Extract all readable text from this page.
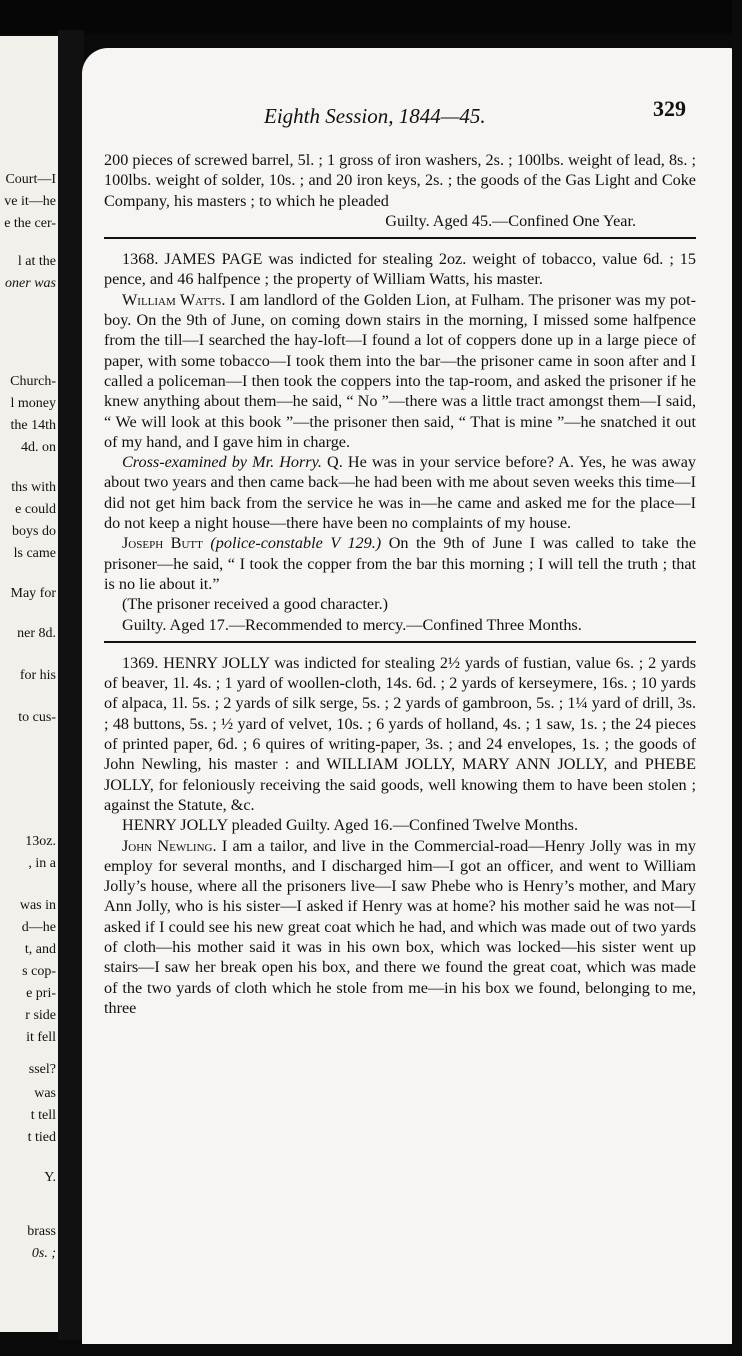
Court—I
ve it—he
e the cer-
l at the
oner was
Church-
l money
the 14th
4d. on
ths with
e could
boys do
ls came
May for
ner 8d.
for his
to cus-
13oz.
, in a
was in
d—he
t, and
s cop-
e pri-
r side
it fell
ssel?
was
t tell
t tied
Y.
brass
0s. ;
Eighth Session, 1844—45.	329

200 pieces of screwed barrel, 5l. ; 1 gross of iron washers, 2s. ; 100lbs. weight of lead, 8s. ; 100lbs. weight of solder, 10s. ; and 20 iron keys, 2s. ; the goods of the Gas Light and Coke Company, his masters ; to which he pleaded

Guilty. Aged 45.—Confined One Year.

1368. JAMES PAGE was indicted for stealing 2oz. weight of tobacco, value 6d. ; 15 pence, and 46 halfpence ; the property of William Watts, his master.

William Watts. I am landlord of the Golden Lion, at Fulham. The prisoner was my pot-boy. On the 9th of June, on coming down stairs in the morning, I missed some halfpence from the till—I searched the hay-loft—I found a lot of coppers done up in a large piece of paper, with some tobacco—I took them into the bar—the prisoner came in soon after and I called a policeman—I then took the coppers into the tap-room, and asked the prisoner if he knew anything about them—he said, “ No ”—there was a little tract amongst them—I said, “ We will look at this book ”—the prisoner then said, “ That is mine ”—he snatched it out of my hand, and I gave him in charge.

Cross-examined by Mr. Horry. Q. He was in your service before? A. Yes, he was away about two years and then came back—he had been with me about seven weeks this time—I did not get him back from the service he was in—he came and asked me for the place—I do not keep a night house—there have been no complaints of my house.

Joseph Butt (police-constable V 129.) On the 9th of June I was called to take the prisoner—he said, “ I took the copper from the bar this morning ; I will tell the truth ; that is no lie about it.”

(The prisoner received a good character.)

Guilty. Aged 17.—Recommended to mercy.—Confined Three Months.

1369. HENRY JOLLY was indicted for stealing 2½ yards of fustian, value 6s. ; 2 yards of beaver, 1l. 4s. ; 1 yard of woollen-cloth, 14s. 6d. ; 2 yards of kerseymere, 16s. ; 10 yards of alpaca, 1l. 5s. ; 2 yards of silk serge, 5s. ; 2 yards of gambroon, 5s. ; 1¼ yard of drill, 3s. ; 48 buttons, 5s. ; ½ yard of velvet, 10s. ; 6 yards of holland, 4s. ; 1 saw, 1s. ; the 24 pieces of printed paper, 6d. ; 6 quires of writing-paper, 3s. ; and 24 envelopes, 1s. ; the goods of John Newling, his master : and WILLIAM JOLLY, MARY ANN JOLLY, and PHEBE JOLLY, for feloniously receiving the said goods, well knowing them to have been stolen ; against the Statute, &c.

HENRY JOLLY pleaded Guilty. Aged 16.—Confined Twelve Months.

John Newling. I am a tailor, and live in the Commercial-road—Henry Jolly was in my employ for several months, and I discharged him—I got an officer, and went to William Jolly’s house, where all the prisoners live—I saw Phebe who is Henry’s mother, and Mary Ann Jolly, who is his sister—I asked if Henry was at home? his mother said he was not—I asked if I could see his new great coat which he had, and which was made out of two yards of cloth—his mother said it was in his own box, which was locked—his sister went up stairs—I saw her break open his box, and there we found the great coat, which was made of the two yards of cloth which he stole from me—in his box we found, belonging to me, three
